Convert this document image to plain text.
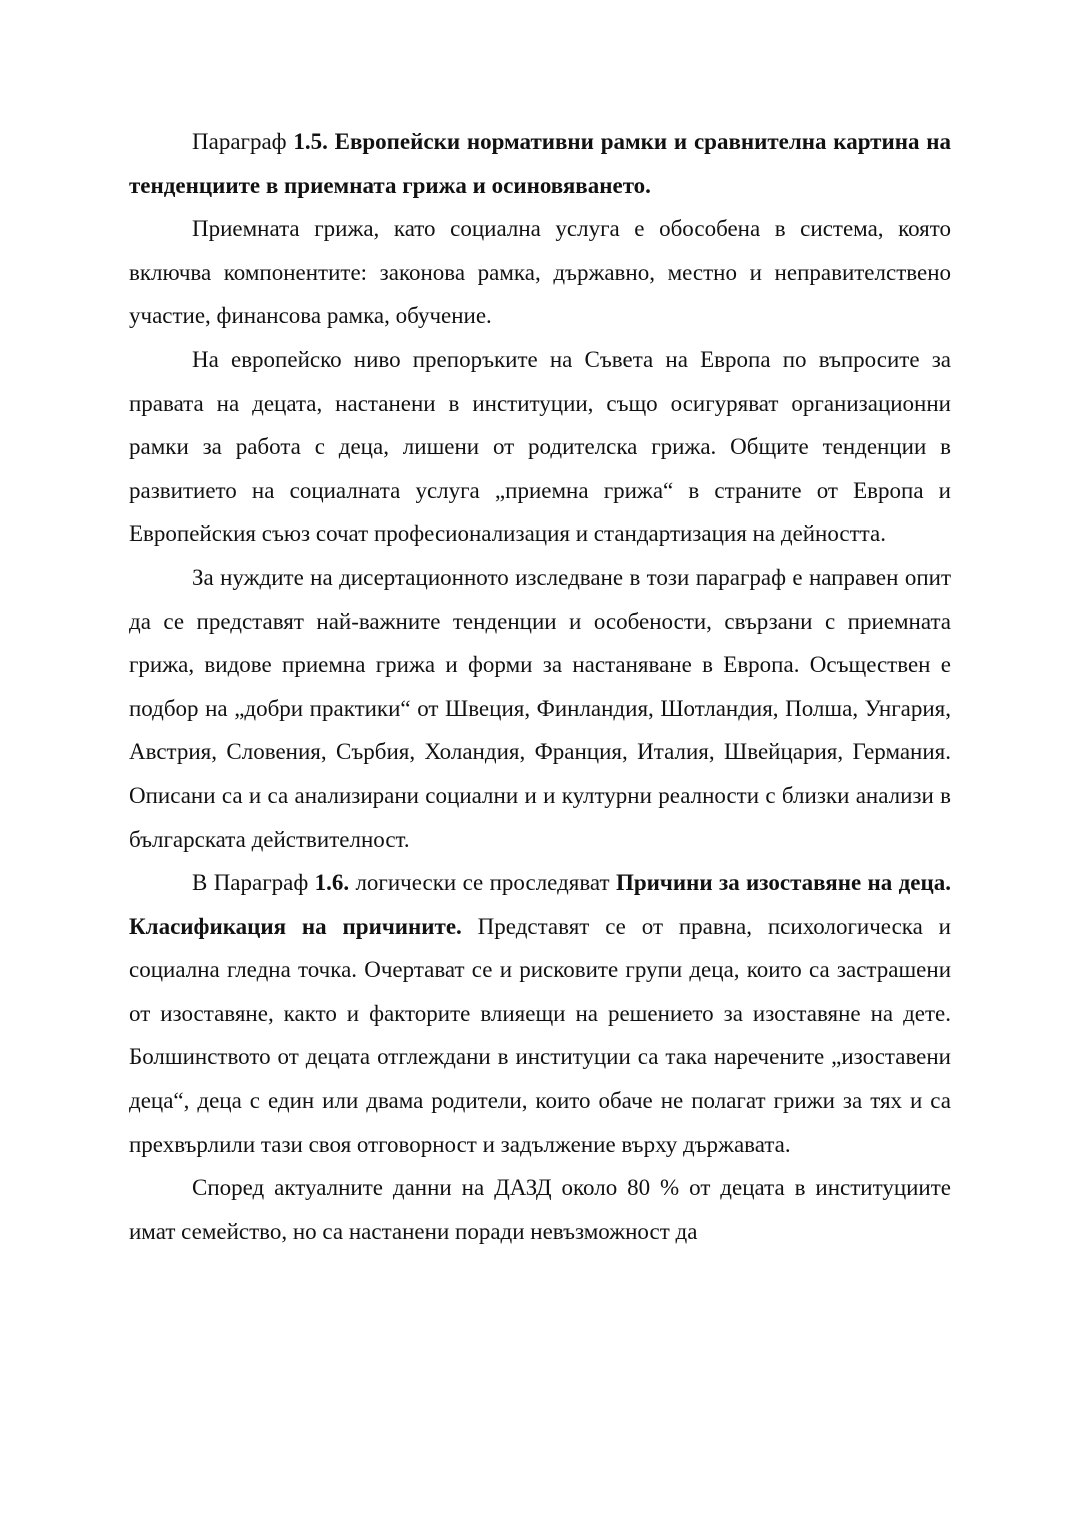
Параграф 1.5. Европейски нормативни рамки и сравнителна картина на тенденциите в приемната грижа и осиновяването.

Приемната грижа, като социална услуга е обособена в система, която включва компонентите: законова рамка, държавно, местно и неправителствено участие, финансова рамка, обучение.

На европейско ниво препоръките на Съвета на Европа по въпросите за правата на децата, настанени в институции, също осигуряват организационни рамки за работа с деца, лишени от родителска грижа. Общите тенденции в развитието на социалната услуга „приемна грижа“ в страните от Европа и Европейския съюз сочат професионализация и стандартизация на дейността.

За нуждите на дисертационното изследване в този параграф е направен опит да се представят най-важните тенденции и особености, свързани с приемната грижа, видове приемна грижа и форми за настаняване в Европа. Осъществен е подбор на „добри практики“ от Швеция, Финландия, Шотландия, Полша, Унгария, Австрия, Словения, Сърбия, Холандия, Франция, Италия, Швейцария, Германия. Описани са и са анализирани социални и и културни реалности с близки анализи в българската действителност.

В Параграф 1.6. логически се проследяват Причини за изоставяне на деца. Класификация на причините. Представят се от правна, психологическа и социална гледна точка. Очертават се и рисковите групи деца, които са застрашени от изоставяне, както и факторите влияещи на решението за изоставяне на дете. Болшинството от децата отглеждани в институции са така наречените „изоставени деца“, деца с един или двама родители, които обаче не полагат грижи за тях и са прехвърлили тази своя отговорност и задължение върху държавата.

Според актуалните данни на ДАЗД около 80 % от децата в институциите имат семейство, но са настанени поради невъзможност да
